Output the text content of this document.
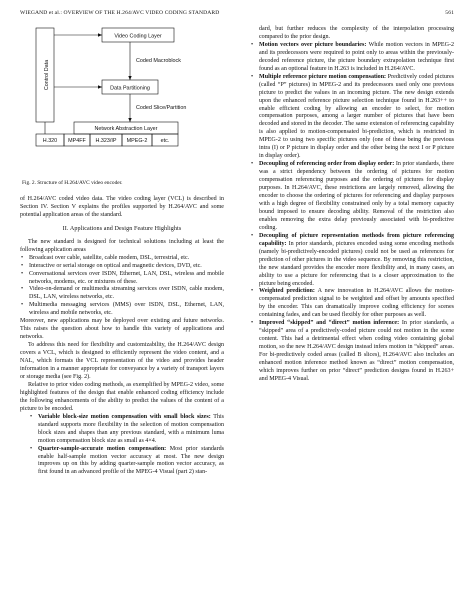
WIEGAND et al.: OVERVIEW OF THE H.264/AVC VIDEO CODING STANDARD	561
Control Data
Video Coding Layer
Coded Macroblock
Data Partitioning
Coded Slice/Partition
Network Abstraction Layer
H.320 MP4FF H.323/IP MPEG-2 etc.
Fig. 2. Structure of H.264/AVC video encoder.

of H.264/AVC coded video data. The video coding layer (VCL) is described in Section IV. Section V explains the profiles supported by H.264/AVC and some potential application areas of the standard.

II. Applications and Design Feature Highlights

The new standard is designed for technical solutions including at least the following application areas

• Broadcast over cable, satellite, cable modem, DSL, terrestrial, etc.
• Interactive or serial storage on optical and magnetic devices, DVD, etc.
• Conversational services over ISDN, Ethernet, LAN, DSL, wireless and mobile networks, modems, etc. or mixtures of these.
• Video-on-demand or multimedia streaming services over ISDN, cable modem, DSL, LAN, wireless networks, etc.
• Multimedia messaging services (MMS) over ISDN, DSL, Ethernet, LAN, wireless and mobile networks, etc.

Moreover, new applications may be deployed over existing and future networks. This raises the question about how to handle this variety of applications and networks.

To address this need for flexibility and customizability, the H.264/AVC design covers a VCL, which is designed to efficiently represent the video content, and a NAL, which formats the VCL representation of the video and provides header information in a manner appropriate for conveyance by a variety of transport layers or storage media (see Fig. 2).

Relative to prior video coding methods, as exemplified by MPEG-2 video, some highlighted features of the design that enable enhanced coding efficiency include the following enhancements of the ability to predict the values of the content of a picture to be encoded.

• Variable block-size motion compensation with small block sizes: This standard supports more flexibility in the selection of motion compensation block sizes and shapes than any previous standard, with a minimum luma motion compensation block size as small as 4×4.
• Quarter-sample-accurate motion compensation: Most prior standards enable half-sample motion vector accuracy at most. The new design improves up on this by adding quarter-sample motion vector accuracy, as first found in an advanced profile of the MPEG-4 Visual (part 2) stan-
dard, but further reduces the complexity of the interpolation processing compared to the prior design.
• Motion vectors over picture boundaries: While motion vectors in MPEG-2 and its predecessors were required to point only to areas within the previously-decoded reference picture, the picture boundary extrapolation technique first found as an optional feature in H.263 is included in H.264/AVC.
• Multiple reference picture motion compensation: Predictively coded pictures (called “P” pictures) in MPEG-2 and its predecessors used only one previous picture to predict the values in an incoming picture. The new design extends upon the enhanced reference picture selection technique found in H.263++ to enable efficient coding by allowing an encoder to select, for motion compensation purposes, among a larger number of pictures that have been decoded and stored in the decoder. The same extension of referencing capability is also applied to motion-compensated bi-prediction, which is restricted in MPEG-2 to using two specific pictures only (one of these being the previous intra (I) or P picture in display order and the other being the next I or P picture in display order).
• Decoupling of referencing order from display order: In prior standards, there was a strict dependency between the ordering of pictures for motion compensation referencing purposes and the ordering of pictures for display purposes. In H.264/AVC, these restrictions are largely removed, allowing the encoder to choose the ordering of pictures for referencing and display purposes with a high degree of flexibility constrained only by a total memory capacity bound imposed to ensure decoding ability. Removal of the restriction also enables removing the extra delay previously associated with bi-predictive coding.
• Decoupling of picture representation methods from picture referencing capability: In prior standards, pictures encoded using some encoding methods (namely bi-predictively-encoded pictures) could not be used as references for prediction of other pictures in the video sequence. By removing this restriction, the new standard provides the encoder more flexibility and, in many cases, an ability to use a picture for referencing that is a closer approximation to the picture being encoded.
• Weighted prediction: A new innovation in H.264/AVC allows the motion-compensated prediction signal to be weighted and offset by amounts specified by the encoder. This can dramatically improve coding efficiency for scenes containing fades, and can be used flexibly for other purposes as well.
• Improved “skipped” and “direct” motion inference: In prior standards, a “skipped” area of a predictively-coded picture could not motion in the scene content. This had a detrimental effect when coding video containing global motion, so the new H.264/AVC design instead infers motion in “skipped” areas. For bi-predictively coded areas (called B slices), H.264/AVC also includes an enhanced motion inference method known as “direct” motion compensation, which improves further on prior “direct” prediction designs found in H.263+ and MPEG-4 Visual.
